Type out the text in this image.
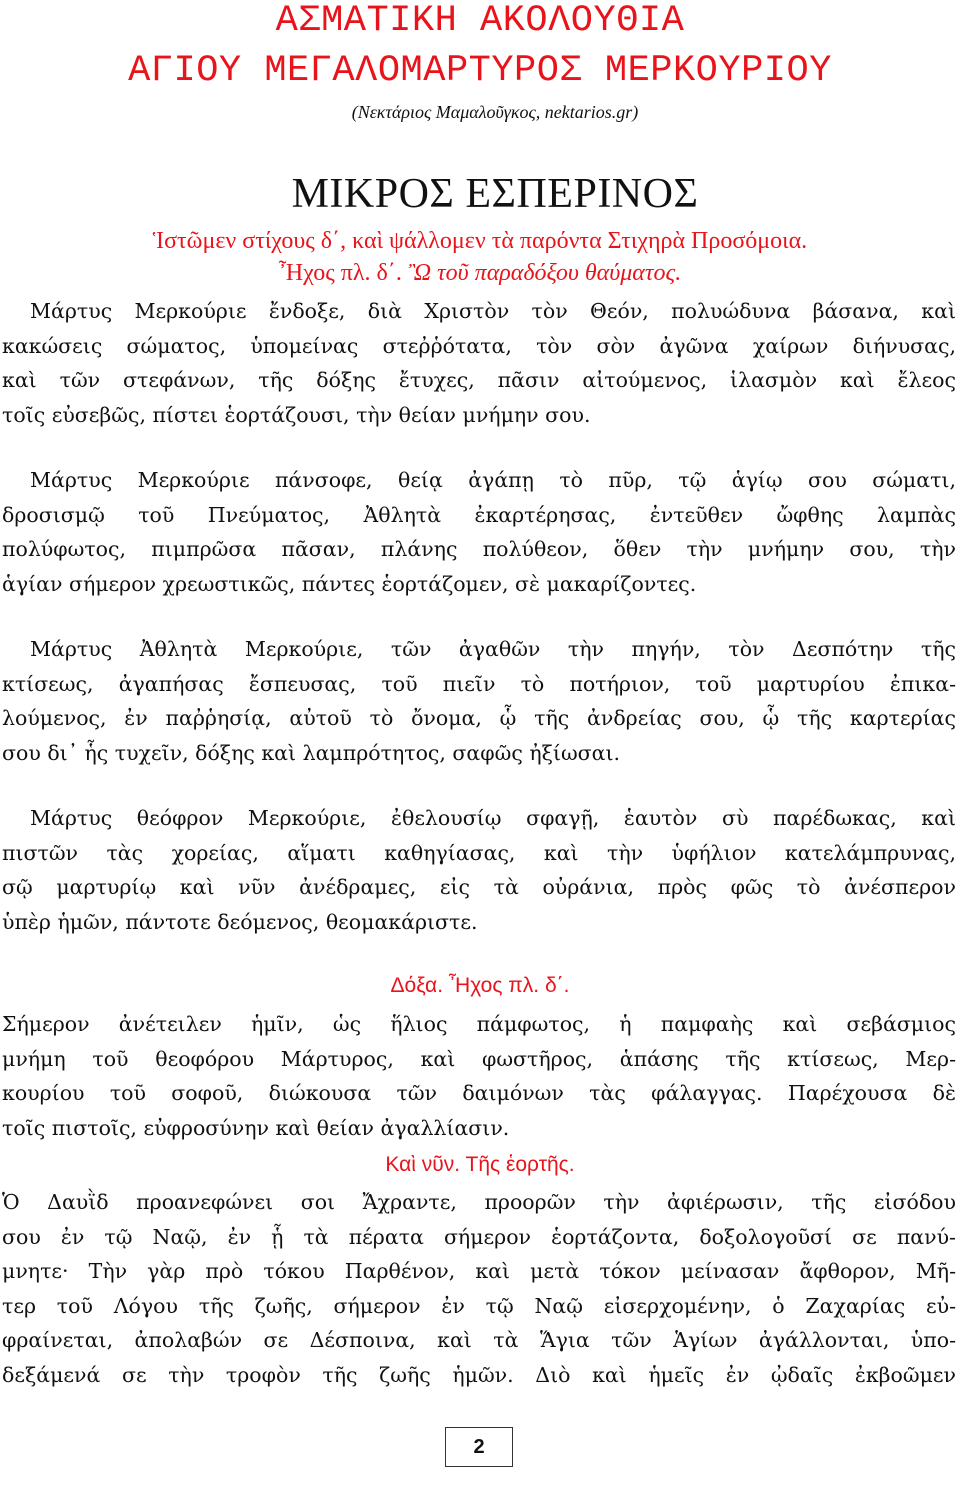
ΑΣΜΑΤΙΚΗ ΑΚΟΛΟΥΘΙΑ
ΑΓΙΟΥ ΜΕΓΑΛΟΜΑΡΤΥΡΟΣ ΜΕΡΚΟΥΡΙΟΥ
(Νεκτάριος Μαμαλοῦγκος, nektarios.gr)
ΜΙΚΡΟΣ ΕΣΠΕΡΙΝΟΣ
Ἱστῶμεν στίχους δ΄, καὶ ψάλλομεν τὰ παρόντα Στιχηρὰ Προσόμοια.
Ἦχος πλ. δ΄. Ὢ τοῦ παραδόξου θαύματος.
Μάρτυς Μερκούριε ἔνδοξε, διὰ Χριστὸν τὸν Θεόν, πολυώδυνα βάσανα, καὶ
κακώσεις σώματος, ὑπομείνας στεῤῥότατα, τὸν σὸν ἀγῶνα χαίρων διήνυσας,
καὶ τῶν στεφάνων, τῆς δόξης ἔτυχες, πᾶσιν αἰτούμενος, ἱλασμὸν καὶ ἔλεος
τοῖς εὐσεβῶς, πίστει ἑορτάζουσι, τὴν θείαν μνήμην σου.
Μάρτυς Μερκούριε πάνσοφε, θείᾳ ἀγάπῃ τὸ πῦρ, τῷ ἁγίῳ σου σώματι,
δροσισμῷ τοῦ Πνεύματος, Ἀθλητὰ ἐκαρτέρησας, ἐντεῦθεν ὤφθης λαμπὰς
πολύφωτος, πιμπρῶσα πᾶσαν, πλάνης πολύθεον, ὅθεν τὴν μνήμην σου, τὴν
ἁγίαν σήμερον χρεωστικῶς, πάντες ἑορτάζομεν, σὲ μακαρίζοντες.
Μάρτυς Ἀθλητὰ Μερκούριε, τῶν ἀγαθῶν τὴν πηγήν, τὸν Δεσπότην τῆς
κτίσεως, ἀγαπήσας ἔσπευσας, τοῦ πιεῖν τὸ ποτήριον, τοῦ μαρτυρίου ἐπικα-
λούμενος, ἐν παῤῥησίᾳ, αὐτοῦ τὸ ὄνομα, ᾧ τῆς ἀνδρείας σου, ᾧ τῆς καρτερίας
σου δι᾿ ἧς τυχεῖν, δόξης καὶ λαμπρότητος, σαφῶς ἠξίωσαι.
Μάρτυς θεόφρον Μερκούριε, ἐθελουσίῳ σφαγῇ, ἑαυτὸν σὺ παρέδωκας, καὶ
πιστῶν τὰς χορείας, αἵματι καθηγίασας, καὶ τὴν ὑφήλιον κατελάμπρυνας,
σῷ μαρτυρίῳ καὶ νῦν ἀνέδραμες, εἰς τὰ οὐράνια, πρὸς φῶς τὸ ἀνέσπερον
ὑπὲρ ἡμῶν, πάντοτε δεόμενος, θεομακάριστε.
Δόξα. Ἦχος πλ. δ΄.
Σήμερον ἀνέτειλεν ἡμῖν, ὡς ἥλιος πάμφωτος, ἡ παμφαὴς καὶ σεβάσμιος
μνήμη τοῦ θεοφόρου Μάρτυρος, καὶ φωστῆρος, ἁπάσης τῆς κτίσεως, Μερ-
κουρίου τοῦ σοφοῦ, διώκουσα τῶν δαιμόνων τὰς φάλαγγας. Παρέχουσα δὲ
τοῖς πιστοῖς, εὐφροσύνην καὶ θείαν ἀγαλλίασιν.
Καὶ νῦν. Τῆς ἑορτῆς.
Ὁ Δαυῒδ προανεφώνει σοι Ἄχραντε, προορῶν τὴν ἀφιέρωσιν, τῆς εἰσόδου
σου ἐν τῷ Ναῷ, ἐν ᾗ τὰ πέρατα σήμερον ἑορτάζοντα, δοξολογοῦσί σε πανύ-
μνητε· Τὴν γὰρ πρὸ τόκου Παρθένον, καὶ μετὰ τόκον μείνασαν ἄφθορον, Μῆ-
τερ τοῦ Λόγου τῆς ζωῆς, σήμερον ἐν τῷ Ναῷ εἰσερχομένην, ὁ Ζαχαρίας εὐ-
φραίνεται, ἀπολαβών σε Δέσποινα, καὶ τὰ Ἅγια τῶν Ἁγίων ἀγάλλονται, ὑπο-
δεξάμενά σε τὴν τροφὸν τῆς ζωῆς ἡμῶν. Διὸ καὶ ἡμεῖς ἐν ᾠδαῖς ἐκβοῶμεν
2
